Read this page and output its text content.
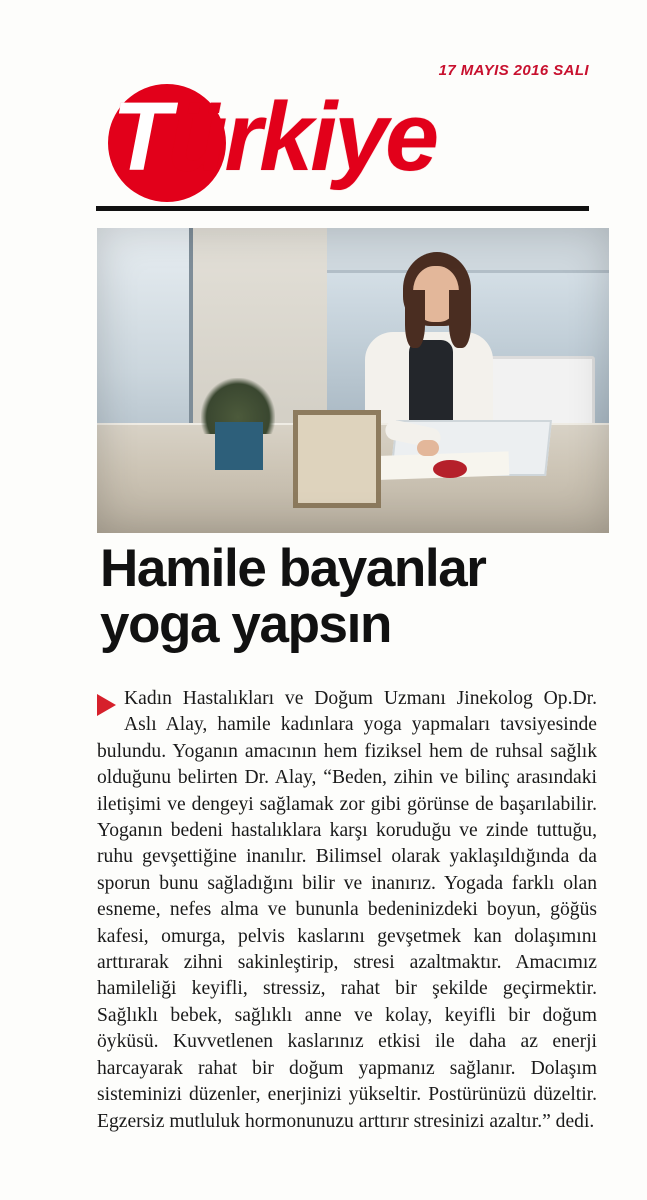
17 MAYIS 2016 SALI
Türkiye
Hamile bayanlar
yoga yapsın

Kadın Hastalıkları ve Doğum Uzmanı Jinekolog Op.Dr. Aslı Alay, hamile kadınlara yoga yapmaları tavsiyesinde bulundu. Yoganın amacının hem fiziksel hem de ruhsal sağlık olduğunu belirten Dr. Alay, “Beden, zihin ve bilinç arasındaki iletişimi ve dengeyi sağlamak zor gibi görünse de başarılabilir. Yoganın bedeni hastalıklara karşı koruduğu ve zinde tuttuğu, ruhu gevşettiğine inanılır. Bilimsel olarak yaklaşıldığında da sporun bunu sağladığını bilir ve inanırız. Yogada farklı olan esneme, nefes alma ve bununla bedeninizdeki boyun, göğüs kafesi, omurga, pelvis kaslarını gevşetmek kan dolaşımını arttırarak zihni sakinleştirip, stresi azaltmaktır. Amacımız hamileliği keyifli, stressiz, rahat bir şekilde geçirmektir. Sağlıklı bebek, sağlıklı anne ve kolay, keyifli bir doğum öyküsü. Kuvvetlenen kaslarınız etkisi ile daha az enerji harcayarak rahat bir doğum yapmanız sağlanır. Dolaşım sisteminizi düzenler, enerjinizi yükseltir. Postürünüzü düzeltir. Egzersiz mutluluk hormonunuzu arttırır stresinizi azaltır.” dedi.
